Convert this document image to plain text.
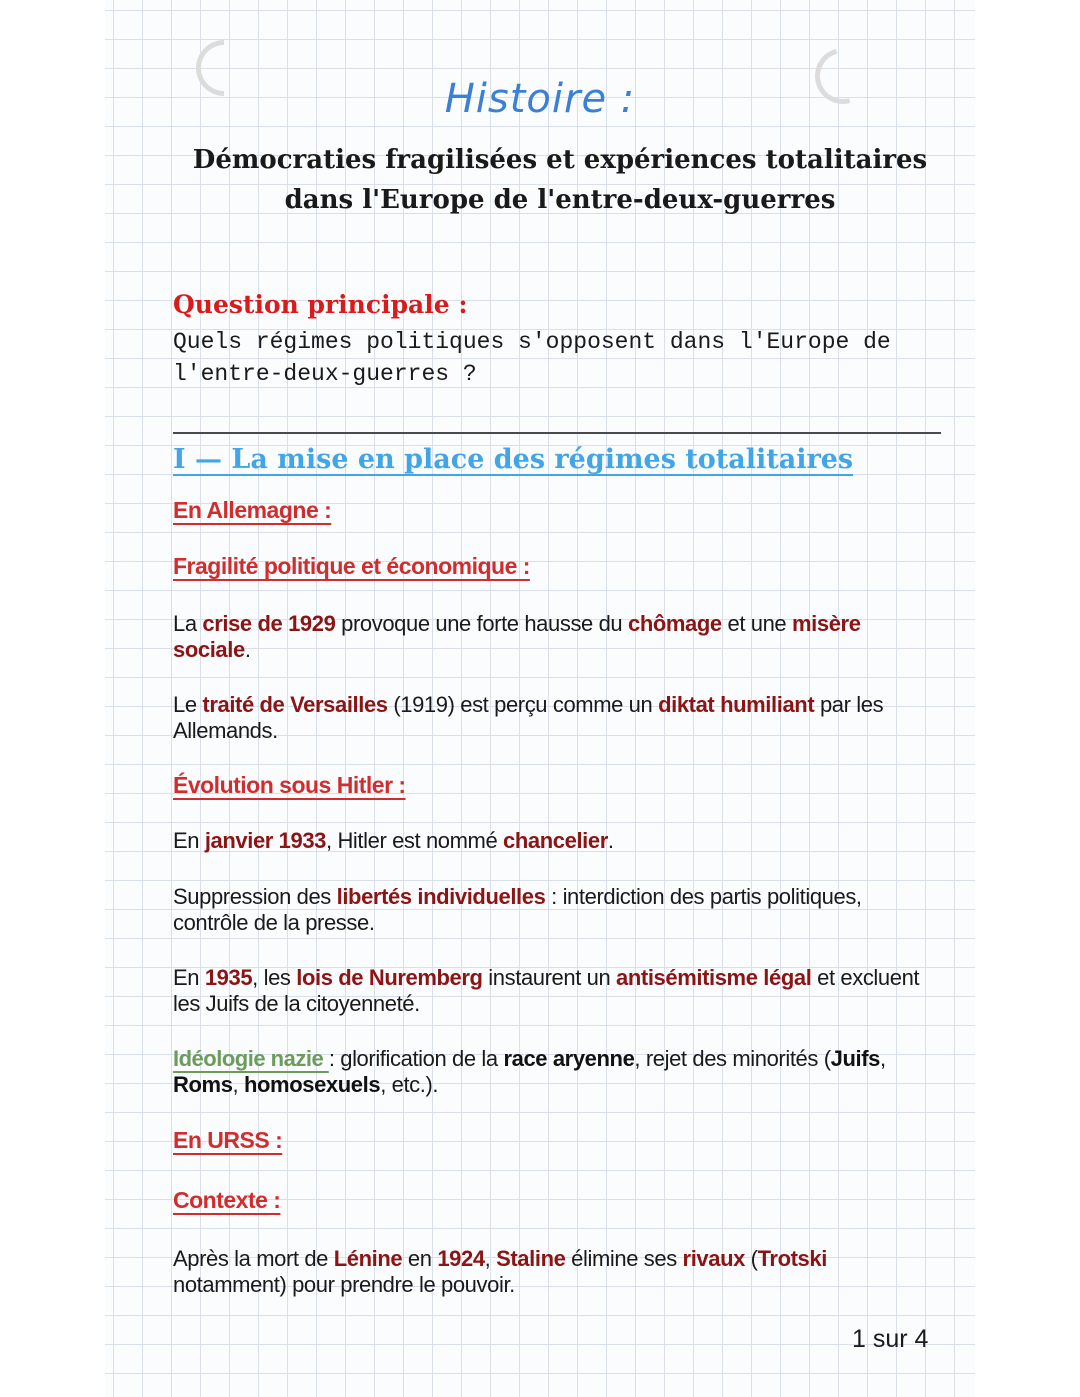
Histoire :
Démocraties fragilisées et expériences totalitaires dans l'Europe de l'entre-deux-guerres
Question principale :
Quels régimes politiques s'opposent dans l'Europe de l'entre-deux-guerres ?
I — La mise en place des régimes totalitaires
En Allemagne :
Fragilité politique et économique :
La crise de 1929 provoque une forte hausse du chômage et une misère sociale.
Le traité de Versailles (1919) est perçu comme un diktat humiliant par les Allemands.
Évolution sous Hitler :
En janvier 1933, Hitler est nommé chancelier.
Suppression des libertés individuelles : interdiction des partis politiques, contrôle de la presse.
En 1935, les lois de Nuremberg instaurent un antisémitisme légal et excluent les Juifs de la citoyenneté.
Idéologie nazie : glorification de la race aryenne, rejet des minorités (Juifs, Roms, homosexuels, etc.).
En URSS :
Contexte :
Après la mort de Lénine en 1924, Staline élimine ses rivaux (Trotski notamment) pour prendre le pouvoir.
1 sur 4
